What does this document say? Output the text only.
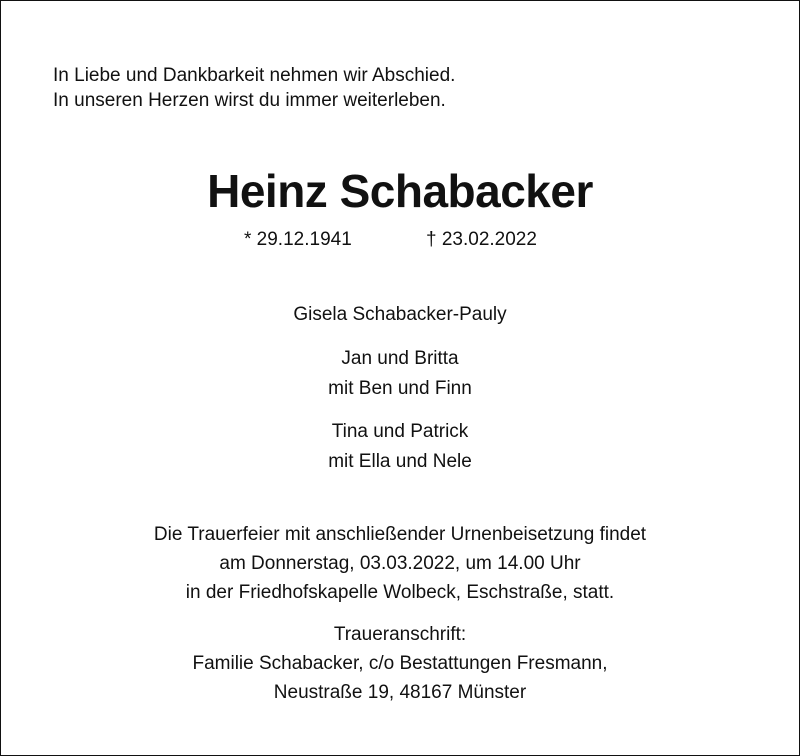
In Liebe und Dankbarkeit nehmen wir Abschied.
In unseren Herzen wirst du immer weiterleben.
Heinz Schabacker
* 29.12.1941	† 23.02.2022
Gisela Schabacker-Pauly
Jan und Britta
mit Ben und Finn
Tina und Patrick
mit Ella und Nele
Die Trauerfeier mit anschließender Urnenbeisetzung findet
am Donnerstag, 03.03.2022, um 14.00 Uhr
in der Friedhofskapelle Wolbeck, Eschstraße, statt.
Traueranschrift:
Familie Schabacker, c/o Bestattungen Fresmann,
Neustraße 19, 48167 Münster
